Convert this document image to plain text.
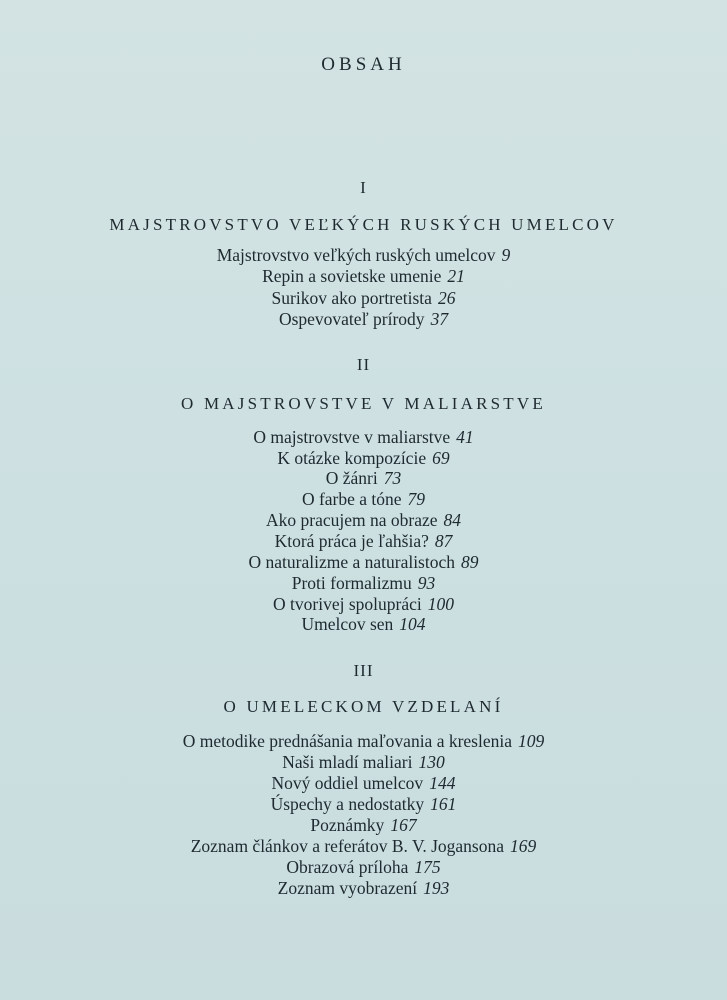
OBSAH
I
MAJSTROVSTVO VEĽKÝCH RUSKÝCH UMELCOV
Majstrovstvo veľkých ruských umelcov 9
Repin a sovietske umenie 21
Surikov ako portretista 26
Ospevovateľ prírody 37
II
O MAJSTROVSTVE V MALIARSTVE
O majstrovstve v maliarstve 41
K otázke kompozície 69
O žánri 73
O farbe a tóne 79
Ako pracujem na obraze 84
Ktorá práca je ľahšia? 87
O naturalizme a naturalistoch 89
Proti formalizmu 93
O tvorivej spolupráci 100
Umelcov sen 104
III
O UMELECKOM VZDELANÍ
O metodike prednášania maľovania a kreslenia 109
Naši mladí maliari 130
Nový oddiel umelcov 144
Úspechy a nedostatky 161
Poznámky 167
Zoznam článkov a referátov B. V. Jogansona 169
Obrazová príloha 175
Zoznam vyobrazení 193
